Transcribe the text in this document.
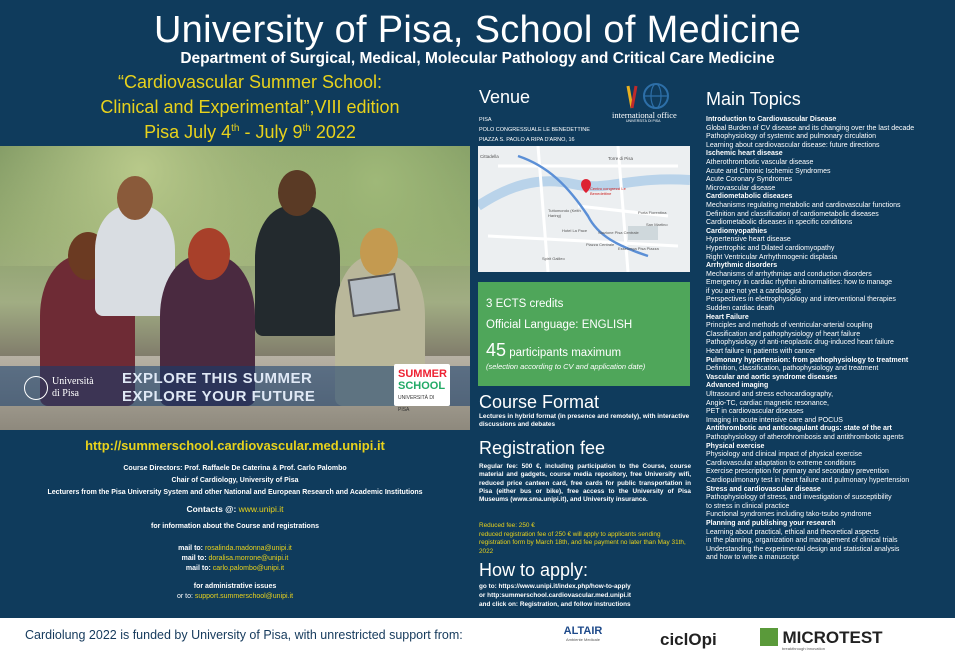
University of Pisa, School of Medicine
Department of Surgical, Medical, Molecular Pathology and Critical Care Medicine
“Cardiovascular Summer School:
Clinical and Experimental”,VIII edition
Pisa July 4th - July 9th 2022
Università
di Pisa
EXPLORE THIS SUMMER
EXPLORE YOUR FUTURE
SUMMER
SCHOOL
UNIVERSITÀ DI PISA
http://summerschool.cardiovascular.med.unipi.it
Course Directors: Prof. Raffaele De Caterina & Prof. Carlo Palombo
Chair of Cardiology, University of Pisa
Lecturers from the Pisa University System and other National and European Research and Academic Institutions
Contacts @: www.unipi.it
for information about the Course and registrations
mail to: rosalinda.madonna@unipi.it
mail to: doralisa.morrone@unipi.it
mail to: carlo.palombo@unipi.it
for administrative issues
or to: support.summerschool@unipi.it
Venue
PISA
POLO CONGRESSUALE LE BENEDETTINE
PIAZZA S. PAOLO A RIPA D'ARNO, 16
international office
UNIVERSITÀ DI PISA
Cittadella	Torre di Pisa
Centro congressi Le Benedettine
Tuttomondo (Keith Haring)
Hotel La Pace	Stazione Pisa Centrale
San Martino
Porta Fiorentina
Esselunga Pisa Piazza
Piazza Centrale
Spirit Galileo
3 ECTS credits
Official Language: ENGLISH
45 participants maximum
(selection according to CV and application date)
Course Format
Lectures in hybrid format (in presence and remotely), with interactive discussions and debates
Registration fee
Regular fee: 500 €, including participation to the Course, course material and gadgets, course media repository, free University wifi, reduced price canteen card, free cards for public transportation in Pisa (either bus or bike), free access to the University of Pisa Museums (www.sma.unipi.it), and University insurance.
Reduced fee: 250 €
reduced registration fee of 250 € will apply to applicants sending registration form by March 18th, and fee payment no later than May 31th, 2022
How to apply:
go to: https://www.unipi.it/index.php/how-to-apply
or http:summerschool.cardiovascular.med.unipi.it
and click on: Registration, and follow instructions
Main Topics
Introduction to Cardiovascular Disease
Global Burden of CV disease and its changing over the last decade
Pathophysiology of systemic and pulmonary circulation
Learning about cardiovascular disease: future directions
Ischemic heart disease
Atherothrombotic vascular disease
Acute and Chronic Ischemic Syndromes
Acute Coronary Syndromes
Microvascular disease
Cardiometabolic diseases
Mechanisms regulating metabolic and cardiovascular functions
Definition and classification of cardiometabolic diseases
Cardiometabolic diseases in specific conditions
Cardiomyopathies
Hypertensive heart disease
Hypertrophic and Dilated cardiomyopathy
Right Ventricular Arrhythmogenic displasia
Arrhythmic disorders
Mechanisms of arrhythmias and conduction disorders
Emergency in cardiac rhythm abnormalities: how to manage
if you are not yet a cardiologist
Perspectives in elettrophysiology and interventional therapies
Sudden cardiac death
Heart Failure
Principles and methods of ventricular-arterial coupling
Classification and pathophysiology of heart failure
Pathophysiology of anti-neoplastic drug-induced heart failure
Heart failure in patients with cancer
Pulmonary hypertension: from pathophysiology to treatment
Definition, classification, pathophysiology and treatment
Vascular and aortic syndrome diseases
Advanced imaging
Ultrasound and stress echocardiography,
Angio-TC, cardiac magnetic resonance,
PET in cardiovascular diseases
Imaging in acute intensive care and POCUS
Antithrombotic and anticoagulant drugs: state of the art
Pathophysiology of atherothrombosis and antithrombotic agents
Physical exercise
Physiology and clinical impact of physical exercise
Cardiovascular adaptation to extreme conditions
Exercise prescription for primary and secondary prevention
Cardiopulmonary test in heart failure and pulmonary hypertension
Stress and cardiovascular disease
Pathophysiology of stress, and investigation of susceptibility
to stress in clinical practice
Functional syndromes including tako-tsubo syndrome
Planning and publishing your research
Learning about practical, ethical and theoretical aspects
in the planning, organization and management of clinical trials
Understanding the experimental design and statistical analysis
and how to write a manuscript
Cardiolung 2022 is funded by University of Pisa, with unrestricted support from:	ALTAIR
Ambiente Medicale	ciclOpi	MICROTEST
breakthrough innovation
